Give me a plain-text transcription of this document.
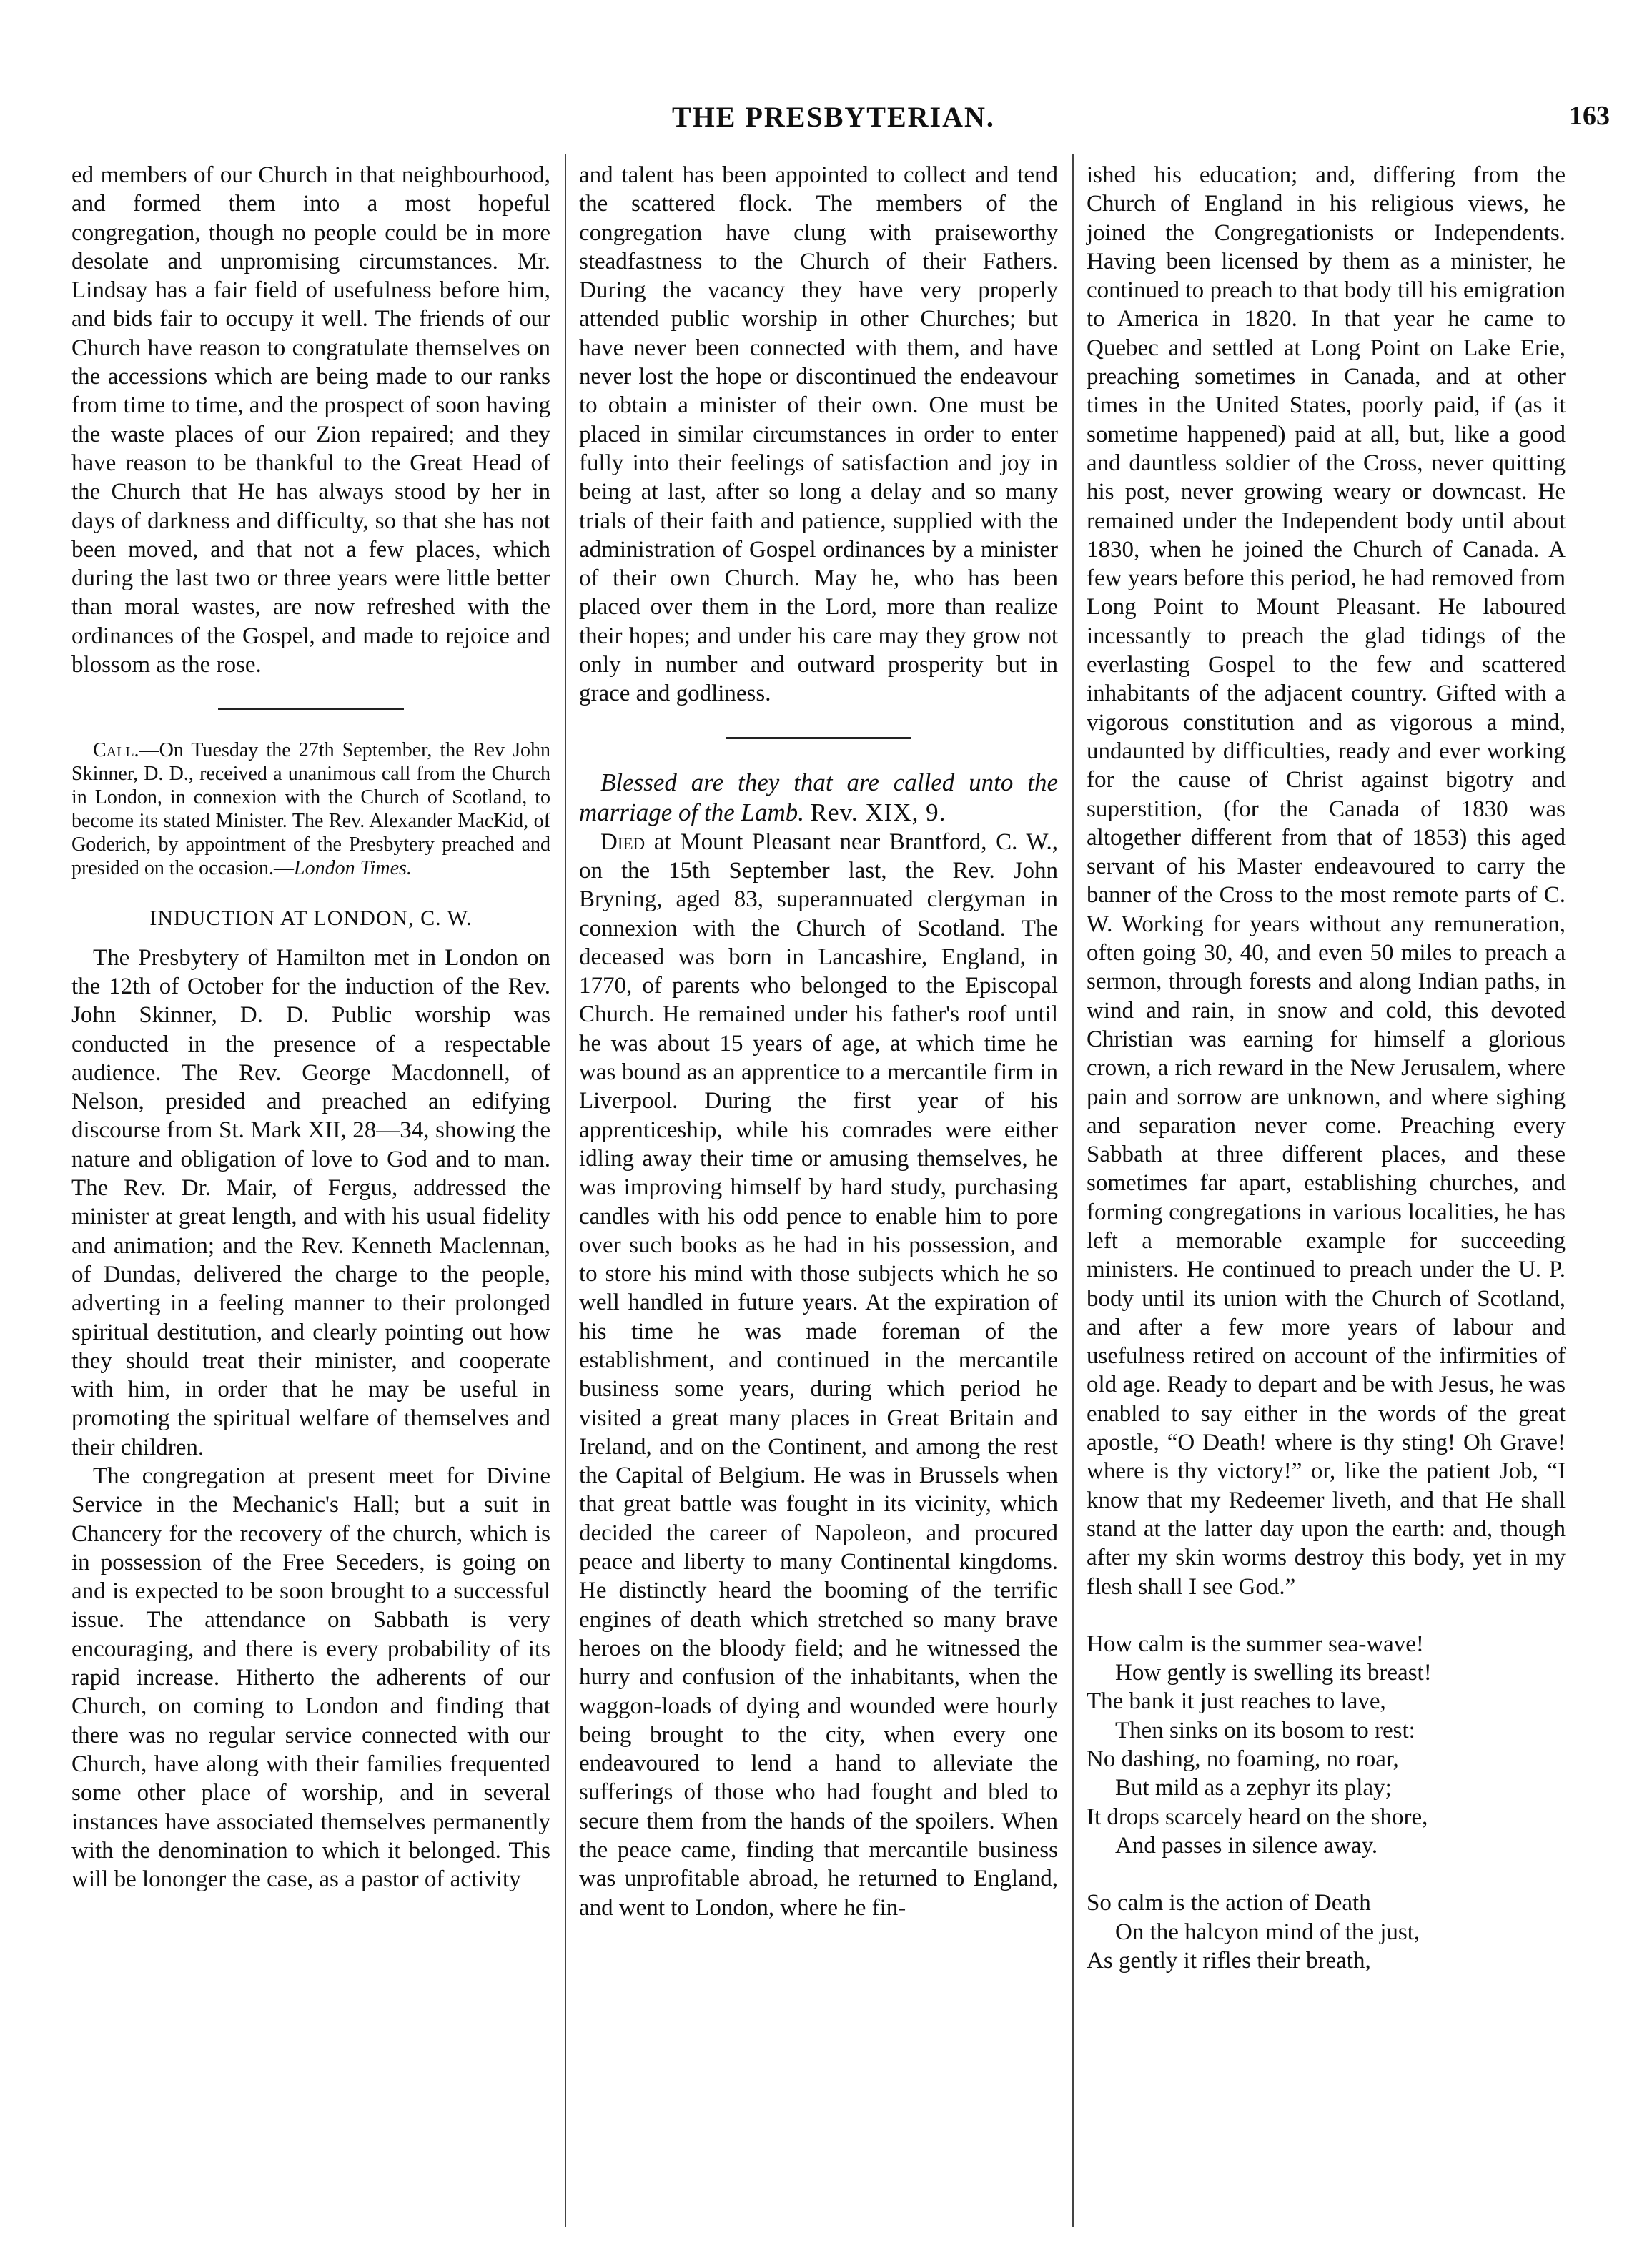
THE PRESBYTERIAN.	163

ed members of our Church in that neighbourhood, and formed them into a most hopeful congregation, though no people could be in more desolate and unpromising circumstances. Mr. Lindsay has a fair field of usefulness before him, and bids fair to occupy it well. The friends of our Church have reason to congratulate themselves on the accessions which are being made to our ranks from time to time, and the prospect of soon having the waste places of our Zion repaired; and they have reason to be thankful to the Great Head of the Church that He has always stood by her in days of darkness and difficulty, so that she has not been moved, and that not a few places, which during the last two or three years were little better than moral wastes, are now refreshed with the ordinances of the Gospel, and made to rejoice and blossom as the rose.

Call.—On Tuesday the 27th September, the Rev John Skinner, D. D., received a unanimous call from the Church in London, in connexion with the Church of Scotland, to become its stated Minister. The Rev. Alexander MacKid, of Goderich, by appointment of the Presbytery preached and presided on the occasion.—London Times.

INDUCTION AT LONDON, C. W.

The Presbytery of Hamilton met in London on the 12th of October for the induction of the Rev. John Skinner, D. D. Public worship was conducted in the presence of a respectable audience. The Rev. George Macdonnell, of Nelson, presided and preached an edifying discourse from St. Mark XII, 28—34, showing the nature and obligation of love to God and to man. The Rev. Dr. Mair, of Fergus, addressed the minister at great length, and with his usual fidelity and animation; and the Rev. Kenneth Maclennan, of Dundas, delivered the charge to the people, adverting in a feeling manner to their prolonged spiritual destitution, and clearly pointing out how they should treat their minister, and cooperate with him, in order that he may be useful in promoting the spiritual welfare of themselves and their children.

The congregation at present meet for Divine Service in the Mechanic's Hall; but a suit in Chancery for the recovery of the church, which is in possession of the Free Seceders, is going on and is expected to be soon brought to a successful issue. The attendance on Sabbath is very encouraging, and there is every probability of its rapid increase. Hitherto the adherents of our Church, on coming to London and finding that there was no regular service connected with our Church, have along with their families frequented some other place of worship, and in several instances have associated themselves permanently with the denomination to which it belonged. This will be lononger the case, as a pastor of activity

and talent has been appointed to collect and tend the scattered flock. The members of the congregation have clung with praiseworthy steadfastness to the Church of their Fathers. During the vacancy they have very properly attended public worship in other Churches; but have never been connected with them, and have never lost the hope or discontinued the endeavour to obtain a minister of their own. One must be placed in similar circumstances in order to enter fully into their feelings of satisfaction and joy in being at last, after so long a delay and so many trials of their faith and patience, supplied with the administration of Gospel ordinances by a minister of their own Church. May he, who has been placed over them in the Lord, more than realize their hopes; and under his care may they grow not only in number and outward prosperity but in grace and godliness.

Blessed are they that are called unto the marriage of the Lamb. Rev. XIX, 9.

Died at Mount Pleasant near Brantford, C. W., on the 15th September last, the Rev. John Bryning, aged 83, superannuated clergyman in connexion with the Church of Scotland. The deceased was born in Lancashire, England, in 1770, of parents who belonged to the Episcopal Church. He remained under his father's roof until he was about 15 years of age, at which time he was bound as an apprentice to a mercantile firm in Liverpool. During the first year of his apprenticeship, while his comrades were either idling away their time or amusing themselves, he was improving himself by hard study, purchasing candles with his odd pence to enable him to pore over such books as he had in his possession, and to store his mind with those subjects which he so well handled in future years. At the expiration of his time he was made foreman of the establishment, and continued in the mercantile business some years, during which period he visited a great many places in Great Britain and Ireland, and on the Continent, and among the rest the Capital of Belgium. He was in Brussels when that great battle was fought in its vicinity, which decided the career of Napoleon, and procured peace and liberty to many Continental kingdoms. He distinctly heard the booming of the terrific engines of death which stretched so many brave heroes on the bloody field; and he witnessed the hurry and confusion of the inhabitants, when the waggon-loads of dying and wounded were hourly being brought to the city, when every one endeavoured to lend a hand to alleviate the sufferings of those who had fought and bled to secure them from the hands of the spoilers. When the peace came, finding that mercantile business was unprofitable abroad, he returned to England, and went to London, where he fin-

ished his education; and, differing from the Church of England in his religious views, he joined the Congregationists or Independents. Having been licensed by them as a minister, he continued to preach to that body till his emigration to America in 1820. In that year he came to Quebec and settled at Long Point on Lake Erie, preaching sometimes in Canada, and at other times in the United States, poorly paid, if (as it sometime happened) paid at all, but, like a good and dauntless soldier of the Cross, never quitting his post, never growing weary or downcast. He remained under the Independent body until about 1830, when he joined the Church of Canada. A few years before this period, he had removed from Long Point to Mount Pleasant. He laboured incessantly to preach the glad tidings of the everlasting Gospel to the few and scattered inhabitants of the adjacent country. Gifted with a vigorous constitution and as vigorous a mind, undaunted by difficulties, ready and ever working for the cause of Christ against bigotry and superstition, (for the Canada of 1830 was altogether different from that of 1853) this aged servant of his Master endeavoured to carry the banner of the Cross to the most remote parts of C. W. Working for years without any remuneration, often going 30, 40, and even 50 miles to preach a sermon, through forests and along Indian paths, in wind and rain, in snow and cold, this devoted Christian was earning for himself a glorious crown, a rich reward in the New Jerusalem, where pain and sorrow are unknown, and where sighing and separation never come. Preaching every Sabbath at three different places, and these sometimes far apart, establishing churches, and forming congregations in various localities, he has left a memorable example for succeeding ministers. He continued to preach under the U. P. body until its union with the Church of Scotland, and after a few more years of labour and usefulness retired on account of the infirmities of old age. Ready to depart and be with Jesus, he was enabled to say either in the words of the great apostle, “O Death! where is thy sting! Oh Grave! where is thy victory!” or, like the patient Job, “I know that my Redeemer liveth, and that He shall stand at the latter day upon the earth: and, though after my skin worms destroy this body, yet in my flesh shall I see God.”

How calm is the summer sea-wave!
How gently is swelling its breast!
The bank it just reaches to lave,
Then sinks on its bosom to rest:
No dashing, no foaming, no roar,
But mild as a zephyr its play;
It drops scarcely heard on the shore,
And passes in silence away.
So calm is the action of Death
On the halcyon mind of the just,
As gently it rifles their breath,
